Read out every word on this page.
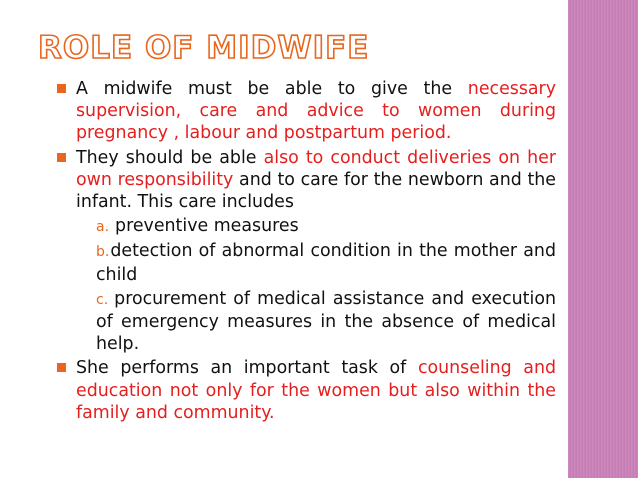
ROLE OF MIDWIFE

A midwife must be able to give the necessary supervision, care and advice to women during pregnancy , labour and postpartum period.

They should be able also to conduct deliveries on her own responsibility and to care for the newborn and the infant. This care includes

a. preventive measures

b.detection of abnormal condition in the mother and child

c. procurement of medical assistance and execution of emergency measures in the absence of medical help.

She performs an important task of counseling and education not only for the women but also within the family and community.
